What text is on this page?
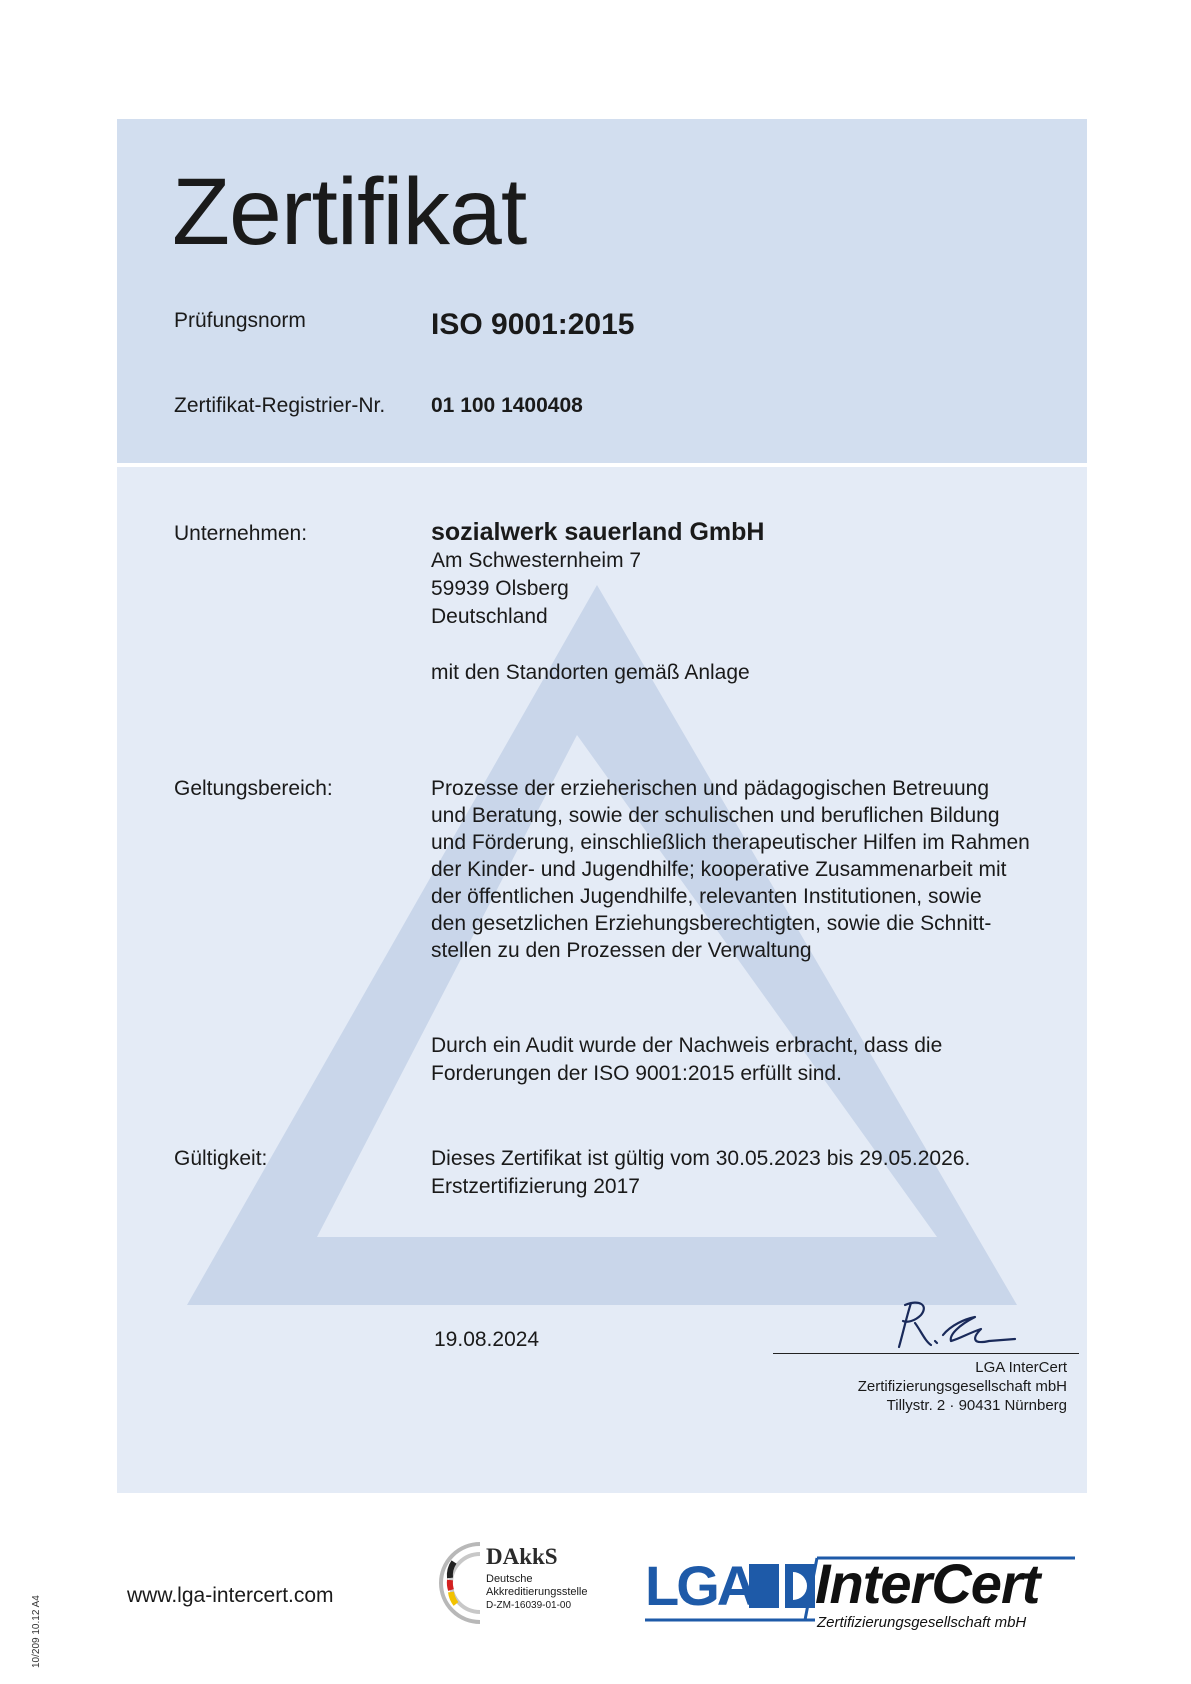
Zertifikat
Prüfungsnorm	ISO 9001:2015
Zertifikat-Registrier-Nr. 01 100 1400408
Unternehmen:	sozialwerk sauerland GmbH
Am Schwesternheim 7
59939 Olsberg
Deutschland
mit den Standorten gemäß Anlage
Geltungsbereich:	Prozesse der erzieherischen und pädagogischen Betreuung
und Beratung, sowie der schulischen und beruflichen Bildung
und Förderung, einschließlich therapeutischer Hilfen im Rahmen
der Kinder- und Jugendhilfe; kooperative Zusammenarbeit mit
der öffentlichen Jugendhilfe, relevanten Institutionen, sowie
den gesetzlichen Erziehungsberechtigten, sowie die Schnitt-
stellen zu den Prozessen der Verwaltung
Durch ein Audit wurde der Nachweis erbracht, dass die
Forderungen der ISO 9001:2015 erfüllt sind.
Gültigkeit:	Dieses Zertifikat ist gültig vom 30.05.2023 bis 29.05.2026.
Erstzertifizierung 2017
19.08.2024
LGA InterCert
Zertifizierungsgesellschaft mbH
Tillystr. 2 · 90431 Nürnberg
www.lga-intercert.com
10/209 10.12 A4
DAkkS
Deutsche
Akkreditierungsstelle
D-ZM-16039-01-00 LGA InterCert
Zertifizierungsgesellschaft mbH
